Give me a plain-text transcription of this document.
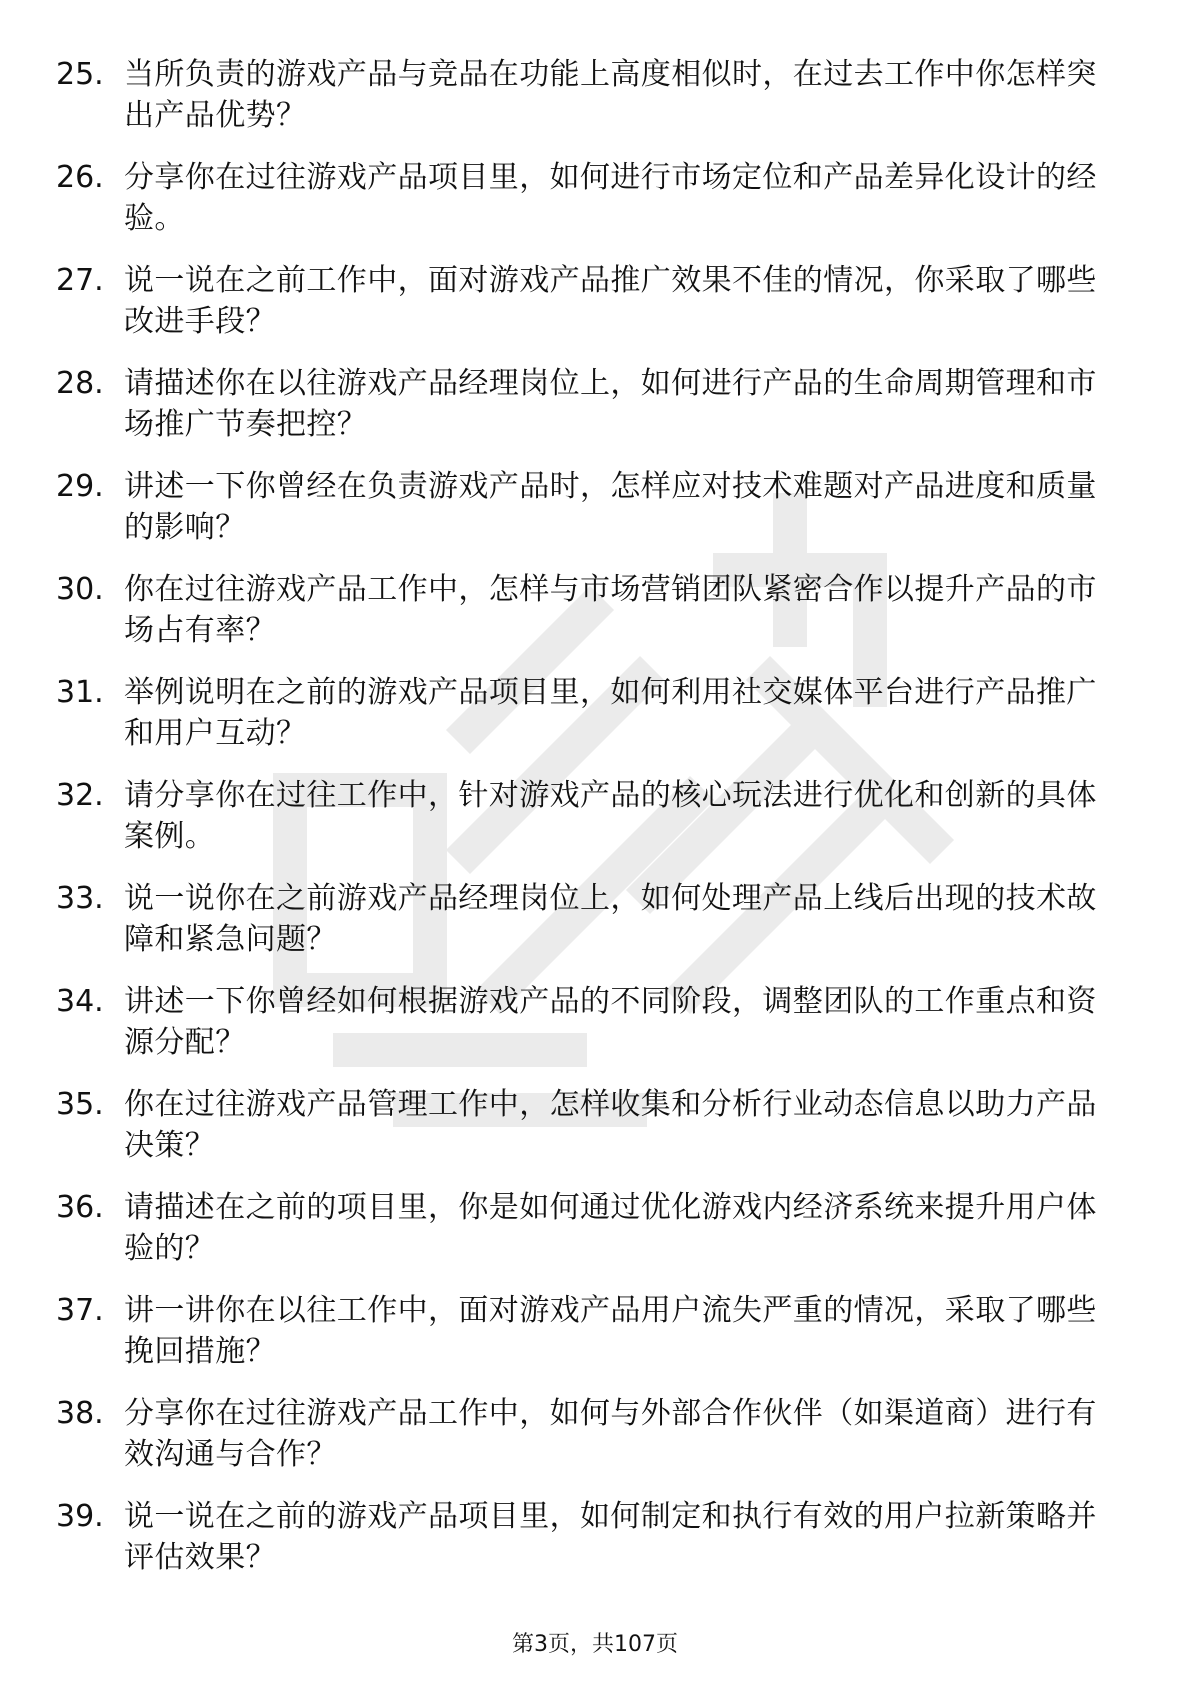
25. 当所负责的游戏产品与竞品在功能上高度相似时，在过去工作中你怎样突出产品优势？
26. 分享你在过往游戏产品项目里，如何进行市场定位和产品差异化设计的经验。
27. 说一说在之前工作中，面对游戏产品推广效果不佳的情况，你采取了哪些改进手段？
28. 请描述你在以往游戏产品经理岗位上，如何进行产品的生命周期管理和市场推广节奏把控？
29. 讲述一下你曾经在负责游戏产品时，怎样应对技术难题对产品进度和质量的影响？
30. 你在过往游戏产品工作中，怎样与市场营销团队紧密合作以提升产品的市场占有率？
31. 举例说明在之前的游戏产品项目里，如何利用社交媒体平台进行产品推广和用户互动？
32. 请分享你在过往工作中，针对游戏产品的核心玩法进行优化和创新的具体案例。
33. 说一说你在之前游戏产品经理岗位上，如何处理产品上线后出现的技术故障和紧急问题？
34. 讲述一下你曾经如何根据游戏产品的不同阶段，调整团队的工作重点和资源分配？
35. 你在过往游戏产品管理工作中，怎样收集和分析行业动态信息以助力产品决策？
36. 请描述在之前的项目里，你是如何通过优化游戏内经济系统来提升用户体验的？
37. 讲一讲你在以往工作中，面对游戏产品用户流失严重的情况，采取了哪些挽回措施？
38. 分享你在过往游戏产品工作中，如何与外部合作伙伴（如渠道商）进行有效沟通与合作？
39. 说一说在之前的游戏产品项目里，如何制定和执行有效的用户拉新策略并评估效果？
第3页，共107页
